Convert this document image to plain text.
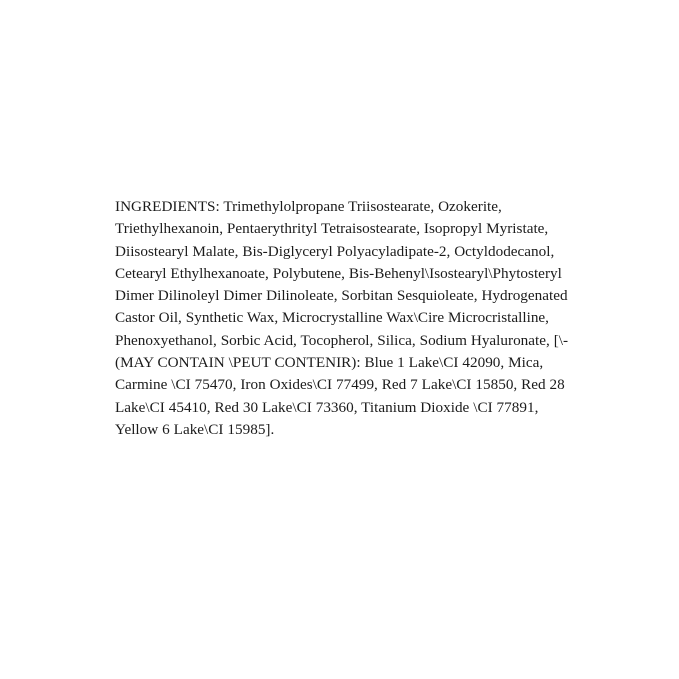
INGREDIENTS: Trimethylolpropane Triisostearate, Ozokerite, Triethylhexanoin, Pentaerythrityl Tetraisostearate, Isopropyl Myristate, Diisostearyl Malate, Bis-Diglyceryl Polyacyladipate-2, Octyldodecanol, Cetearyl Ethylhexanoate, Polybutene, Bis-Behenyl\Isostearyl\Phytosteryl Dimer Dilinoleyl Dimer Dilinoleate, Sorbitan Sesquioleate, Hydrogenated Castor Oil, Synthetic Wax, Microcrystalline Wax\Cire Microcristalline, Phenoxyethanol, Sorbic Acid, Tocopherol, Silica, Sodium Hyaluronate, [\- (MAY CONTAIN \PEUT CONTENIR): Blue 1 Lake\CI 42090, Mica, Carmine \CI 75470, Iron Oxides\CI 77499, Red 7 Lake\CI 15850, Red 28 Lake\CI 45410, Red 30 Lake\CI 73360, Titanium Dioxide \CI 77891, Yellow 6 Lake\CI 15985].
